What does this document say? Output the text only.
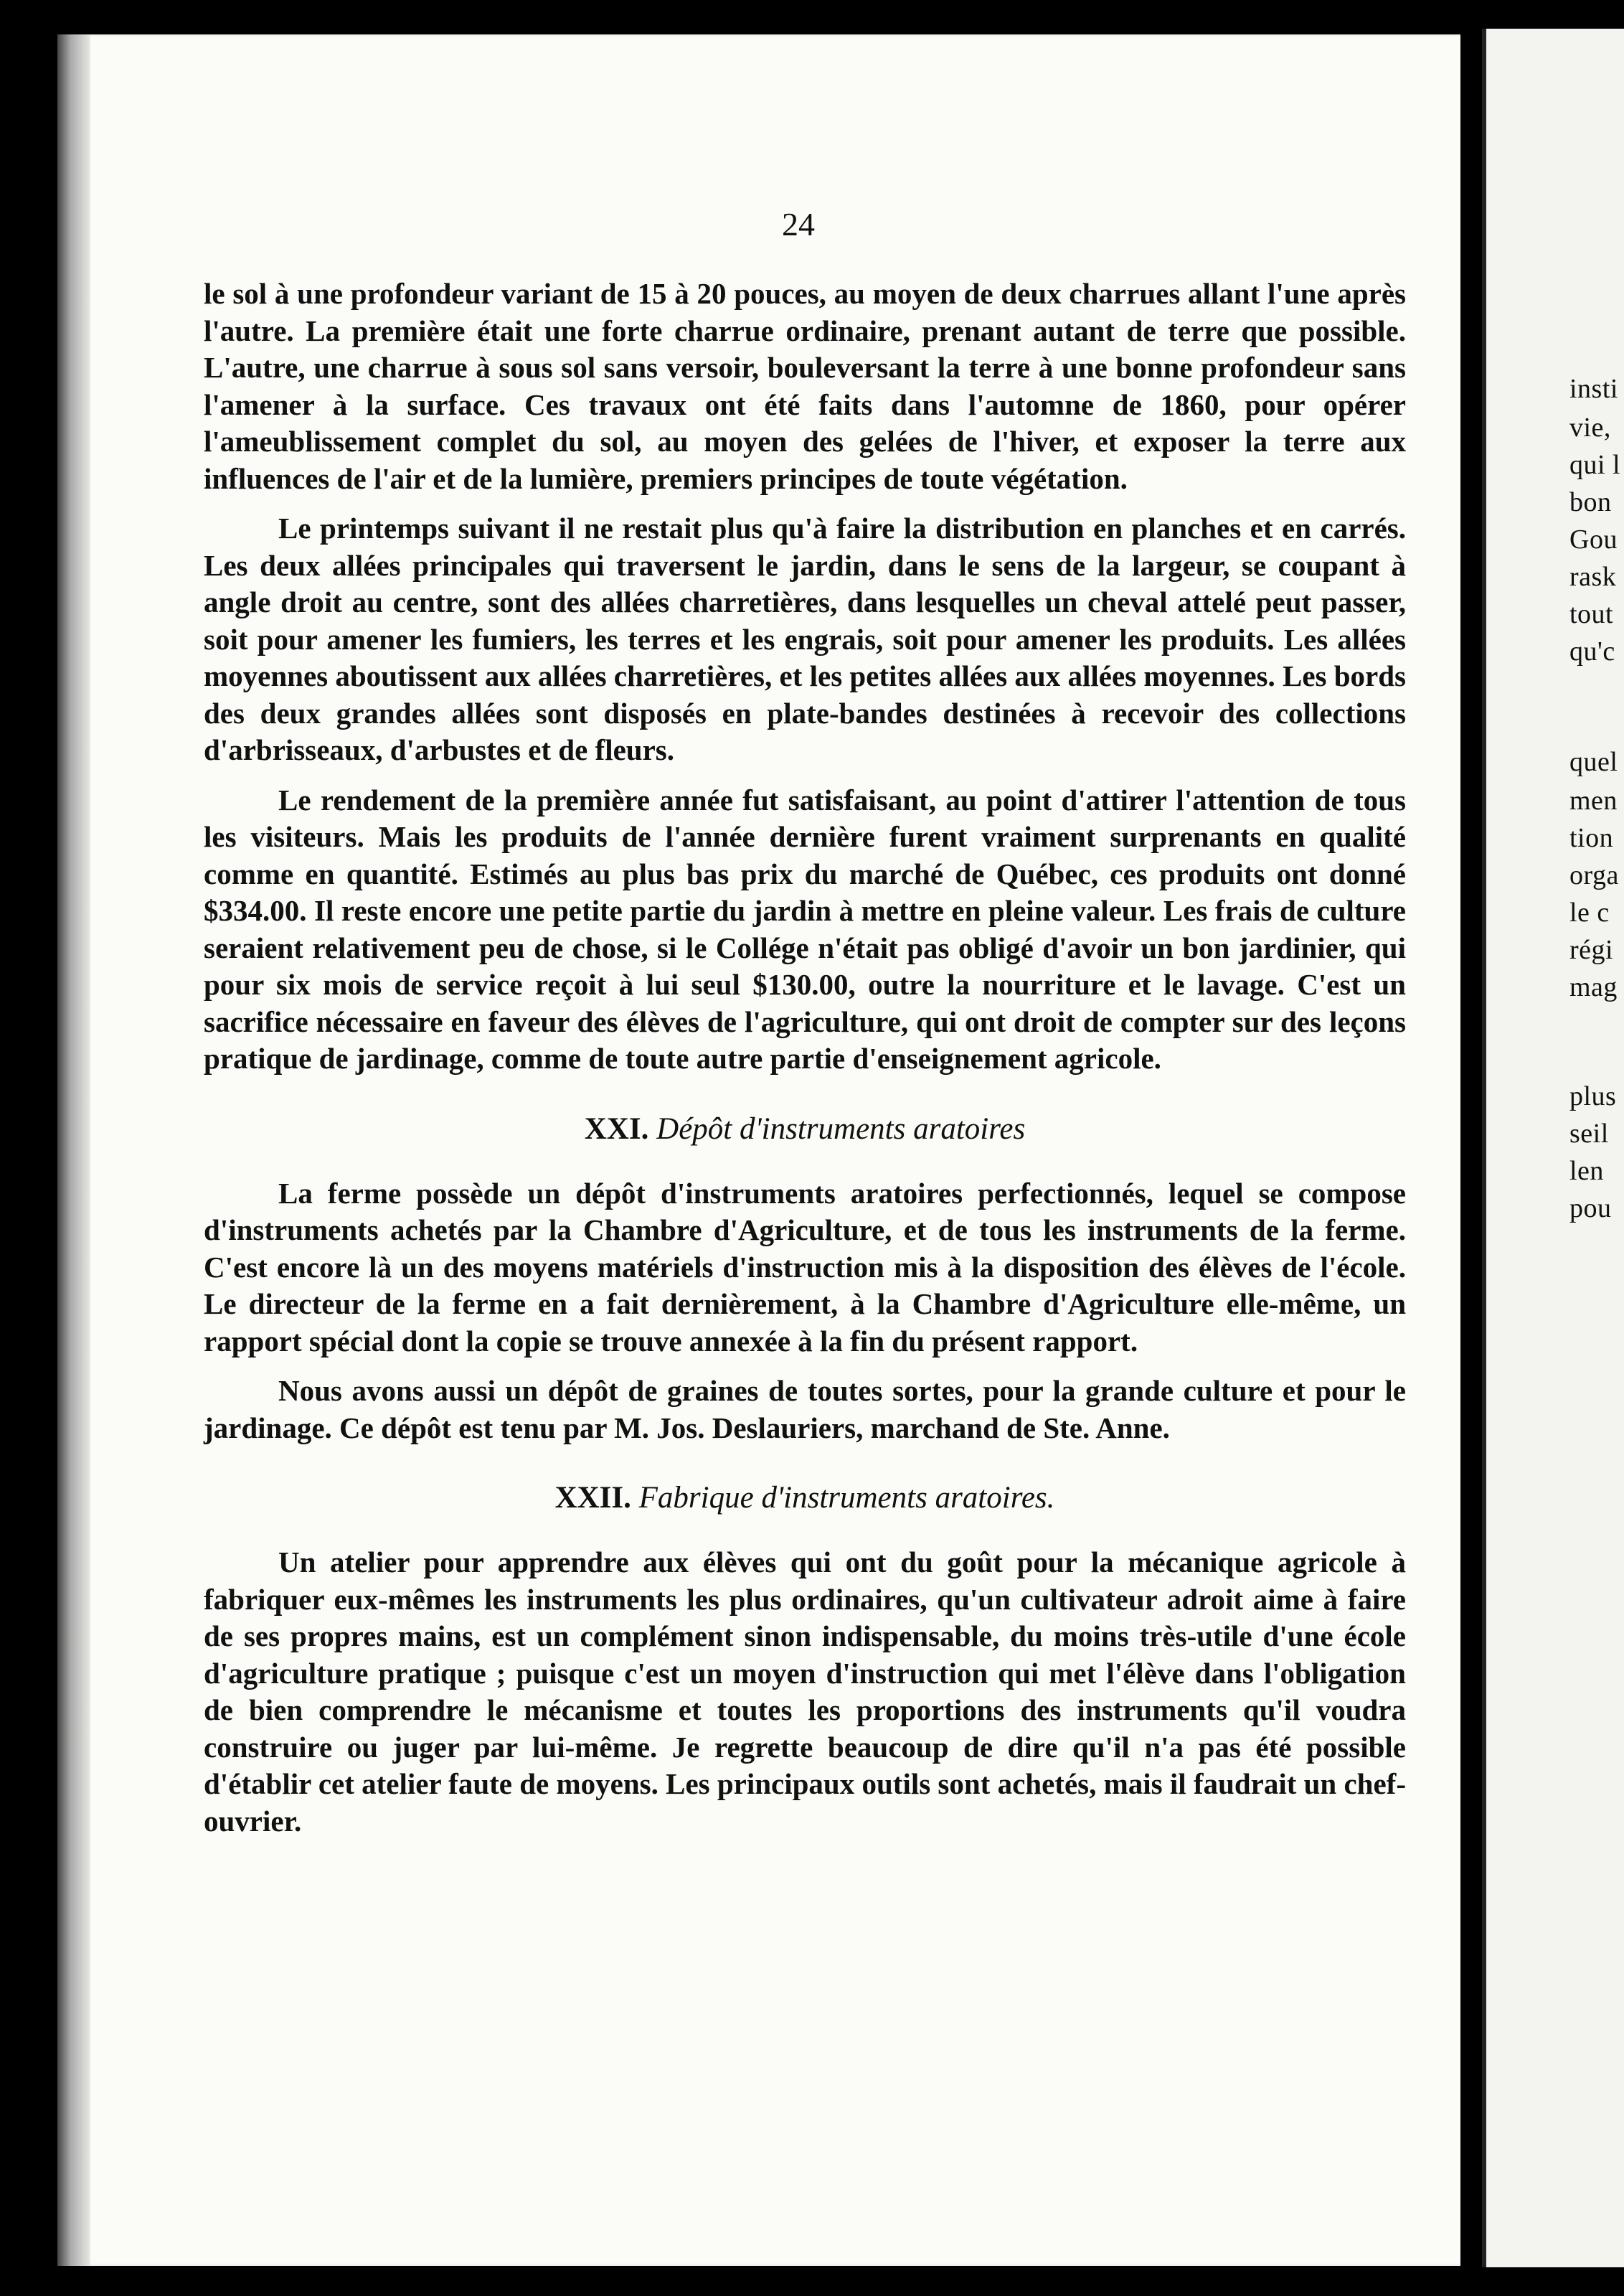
insti
vie,
qui l
bon
Gou
rask
tout
qu'c
quel
men
tion
orga
le c
régi
mag
plus
seil
len
pou
24

le sol à une profondeur variant de 15 à 20 pouces, au moyen de deux charrues allant l'une après l'autre. La première était une forte charrue ordinaire, prenant autant de terre que possible. L'autre, une charrue à sous sol sans versoir, bouleversant la terre à une bonne profondeur sans l'amener à la surface. Ces travaux ont été faits dans l'automne de 1860, pour opérer l'ameublissement complet du sol, au moyen des gelées de l'hiver, et exposer la terre aux influences de l'air et de la lumière, premiers principes de toute végétation.

Le printemps suivant il ne restait plus qu'à faire la distribution en planches et en carrés. Les deux allées principales qui traversent le jardin, dans le sens de la largeur, se coupant à angle droit au centre, sont des allées charretières, dans lesquelles un cheval attelé peut passer, soit pour amener les fumiers, les terres et les engrais, soit pour amener les produits. Les allées moyennes aboutissent aux allées charretières, et les petites allées aux allées moyennes. Les bords des deux grandes allées sont disposés en plate-bandes destinées à recevoir des collections d'arbrisseaux, d'arbustes et de fleurs.

Le rendement de la première année fut satisfaisant, au point d'attirer l'attention de tous les visiteurs. Mais les produits de l'année dernière furent vraiment surprenants en qualité comme en quantité. Estimés au plus bas prix du marché de Québec, ces produits ont donné $334.00. Il reste encore une petite partie du jardin à mettre en pleine valeur. Les frais de culture seraient relativement peu de chose, si le Collége n'était pas obligé d'avoir un bon jardinier, qui pour six mois de service reçoit à lui seul $130.00, outre la nourriture et le lavage. C'est un sacrifice nécessaire en faveur des élèves de l'agriculture, qui ont droit de compter sur des leçons pratique de jardinage, comme de toute autre partie d'enseignement agricole.

XXI. Dépôt d'instruments aratoires

La ferme possède un dépôt d'instruments aratoires perfectionnés, lequel se compose d'instruments achetés par la Chambre d'Agriculture, et de tous les instruments de la ferme. C'est encore là un des moyens matériels d'instruction mis à la disposition des élèves de l'école. Le directeur de la ferme en a fait dernièrement, à la Chambre d'Agriculture elle-même, un rapport spécial dont la copie se trouve annexée à la fin du présent rapport.

Nous avons aussi un dépôt de graines de toutes sortes, pour la grande culture et pour le jardinage. Ce dépôt est tenu par M. Jos. Deslauriers, marchand de Ste. Anne.

XXII. Fabrique d'instruments aratoires.

Un atelier pour apprendre aux élèves qui ont du goût pour la mécanique agricole à fabriquer eux-mêmes les instruments les plus ordinaires, qu'un cultivateur adroit aime à faire de ses propres mains, est un complément sinon indispensable, du moins très-utile d'une école d'agriculture pratique ; puisque c'est un moyen d'instruction qui met l'élève dans l'obligation de bien comprendre le mécanisme et toutes les proportions des instruments qu'il voudra construire ou juger par lui-même. Je regrette beaucoup de dire qu'il n'a pas été possible d'établir cet atelier faute de moyens. Les principaux outils sont achetés, mais il faudrait un chef-ouvrier.
